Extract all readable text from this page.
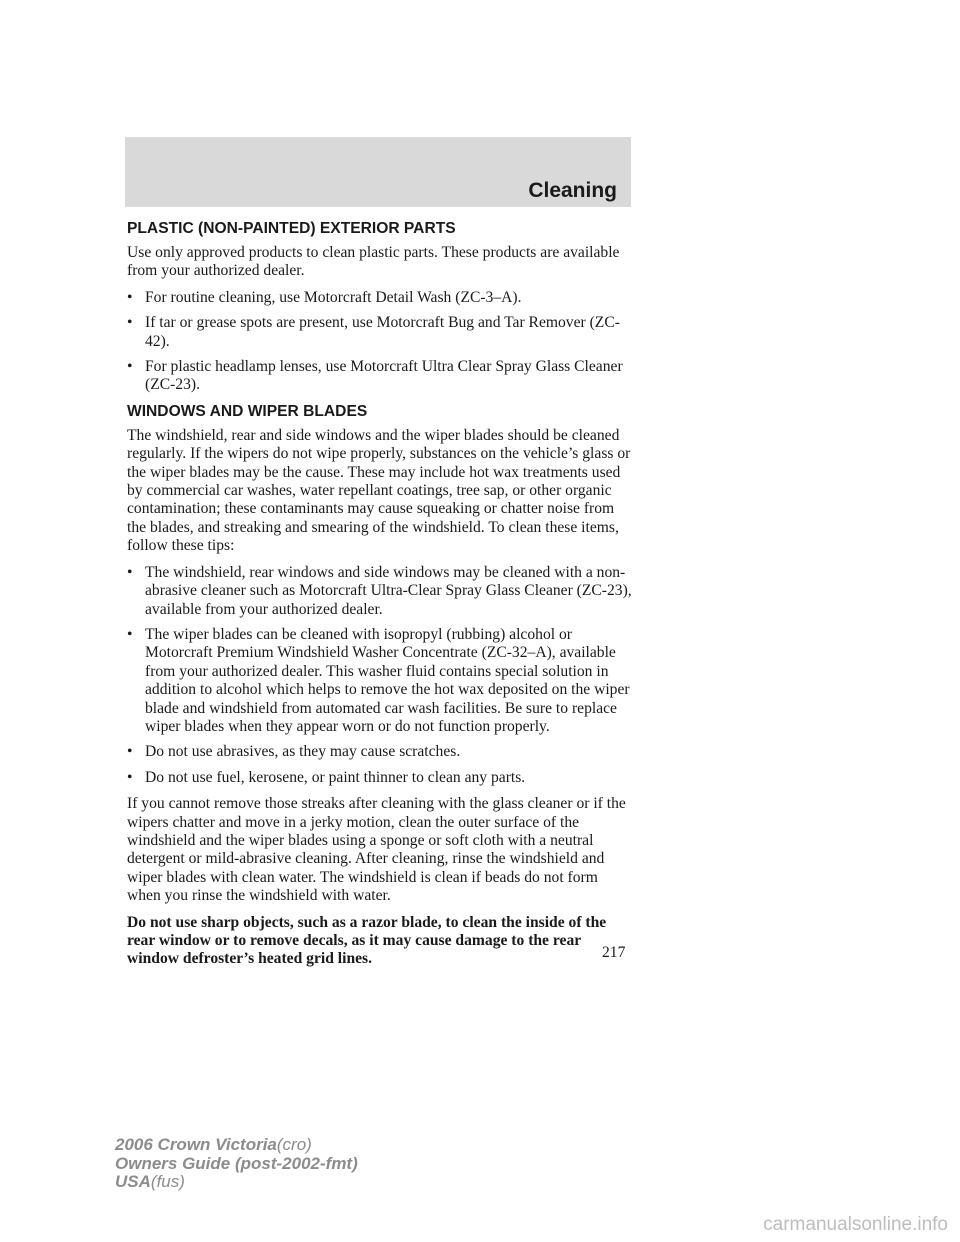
Cleaning
PLASTIC (NON-PAINTED) EXTERIOR PARTS

Use only approved products to clean plastic parts. These products are available from your authorized dealer.

• For routine cleaning, use Motorcraft Detail Wash (ZC-3–A).
• If tar or grease spots are present, use Motorcraft Bug and Tar Remover (ZC-42).
• For plastic headlamp lenses, use Motorcraft Ultra Clear Spray Glass Cleaner (ZC-23).
WINDOWS AND WIPER BLADES

The windshield, rear and side windows and the wiper blades should be cleaned regularly. If the wipers do not wipe properly, substances on the vehicle’s glass or the wiper blades may be the cause. These may include hot wax treatments used by commercial car washes, water repellant coatings, tree sap, or other organic contamination; these contaminants may cause squeaking or chatter noise from the blades, and streaking and smearing of the windshield. To clean these items, follow these tips:

• The windshield, rear windows and side windows may be cleaned with a non-abrasive cleaner such as Motorcraft Ultra-Clear Spray Glass Cleaner (ZC-23), available from your authorized dealer.
• The wiper blades can be cleaned with isopropyl (rubbing) alcohol or Motorcraft Premium Windshield Washer Concentrate (ZC-32–A), available from your authorized dealer. This washer fluid contains special solution in addition to alcohol which helps to remove the hot wax deposited on the wiper blade and windshield from automated car wash facilities. Be sure to replace wiper blades when they appear worn or do not function properly.
• Do not use abrasives, as they may cause scratches.
• Do not use fuel, kerosene, or paint thinner to clean any parts.

If you cannot remove those streaks after cleaning with the glass cleaner or if the wipers chatter and move in a jerky motion, clean the outer surface of the windshield and the wiper blades using a sponge or soft cloth with a neutral detergent or mild-abrasive cleaning. After cleaning, rinse the windshield and wiper blades with clean water. The windshield is clean if beads do not form when you rinse the windshield with water.

Do not use sharp objects, such as a razor blade, to clean the inside of the rear window or to remove decals, as it may cause damage to the rear window defroster’s heated grid lines.	217
2006 Crown Victoria(cro)
Owners Guide (post-2002-fmt)
USA(fus)
carmanualsonline.info
